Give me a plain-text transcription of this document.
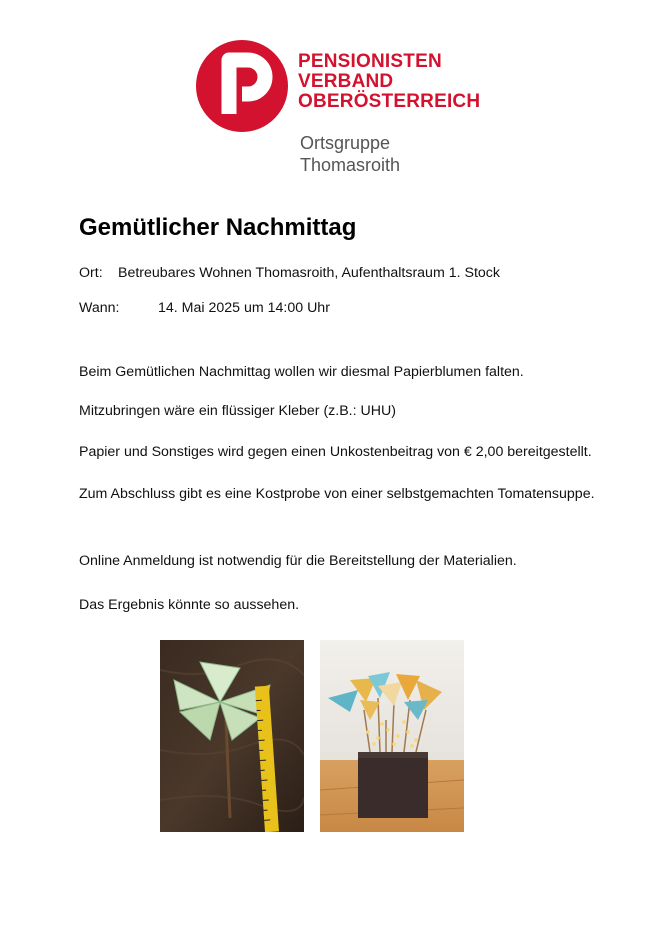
PENSIONISTEN
VERBAND
OBERÖSTERREICH
Ortsgruppe
Thomasroith
Gemütlicher Nachmittag
Ort: Betreubares Wohnen Thomasroith, Aufenthaltsraum 1. Stock
Wann:	14. Mai 2025 um 14:00 Uhr
Beim Gemütlichen Nachmittag wollen wir diesmal Papierblumen falten.
Mitzubringen wäre ein flüssiger Kleber (z.B.: UHU)
Papier und Sonstiges wird gegen einen Unkostenbeitrag von € 2,00 bereitgestellt.
Zum Abschluss gibt es eine Kostprobe von einer selbstgemachten Tomatensuppe.
Online Anmeldung ist notwendig für die Bereitstellung der Materialien.
Das Ergebnis könnte so aussehen.
